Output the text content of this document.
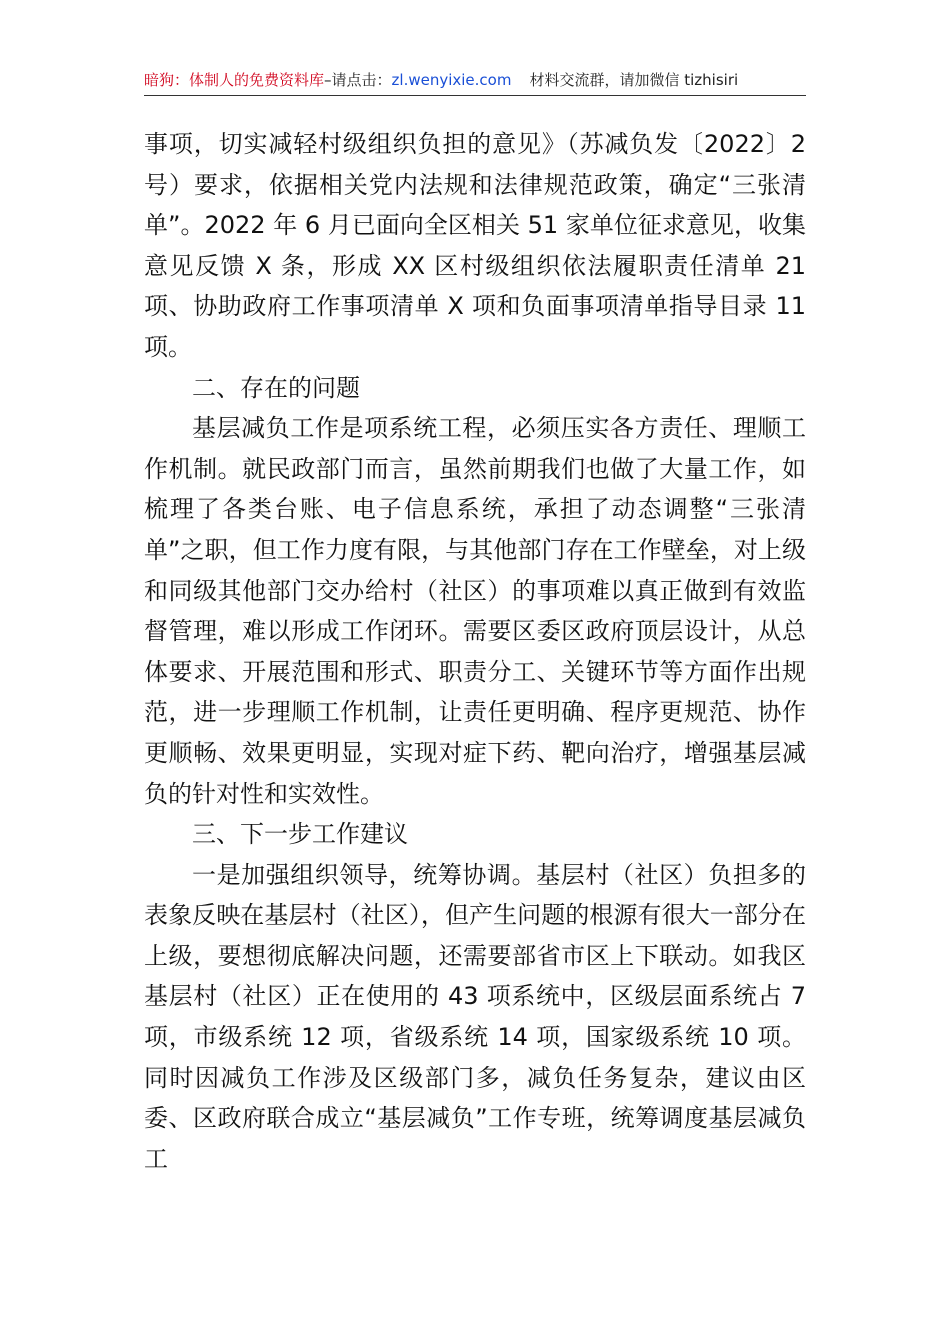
暗狗：体制人的免费资料库–请点击：zl.wenyixie.com 材料交流群，请加微信 tizhisiri

事项，切实减轻村级组织负担的意见》（苏减负发〔2022〕2号）要求，依据相关党内法规和法律规范政策，确定“三张清单”。2022 年 6 月已面向全区相关 51 家单位征求意见，收集意见反馈 X 条，形成 XX 区村级组织依法履职责任清单 21 项、协助政府工作事项清单 X 项和负面事项清单指导目录 11 项。

二、存在的问题

基层减负工作是项系统工程，必须压实各方责任、理顺工作机制。就民政部门而言，虽然前期我们也做了大量工作，如梳理了各类台账、电子信息系统，承担了动态调整“三张清单”之职，但工作力度有限，与其他部门存在工作壁垒，对上级和同级其他部门交办给村（社区）的事项难以真正做到有效监督管理，难以形成工作闭环。需要区委区政府顶层设计，从总体要求、开展范围和形式、职责分工、关键环节等方面作出规范，进一步理顺工作机制，让责任更明确、程序更规范、协作更顺畅、效果更明显，实现对症下药、靶向治疗，增强基层减负的针对性和实效性。

三、下一步工作建议

一是加强组织领导，统筹协调。基层村（社区）负担多的表象反映在基层村（社区），但产生问题的根源有很大一部分在上级，要想彻底解决问题，还需要部省市区上下联动。如我区基层村（社区）正在使用的 43 项系统中，区级层面系统占 7 项，市级系统 12 项，省级系统 14 项，国家级系统 10 项。同时因减负工作涉及区级部门多，减负任务复杂，建议由区委、区政府联合成立“基层减负”工作专班，统筹调度基层减负工
